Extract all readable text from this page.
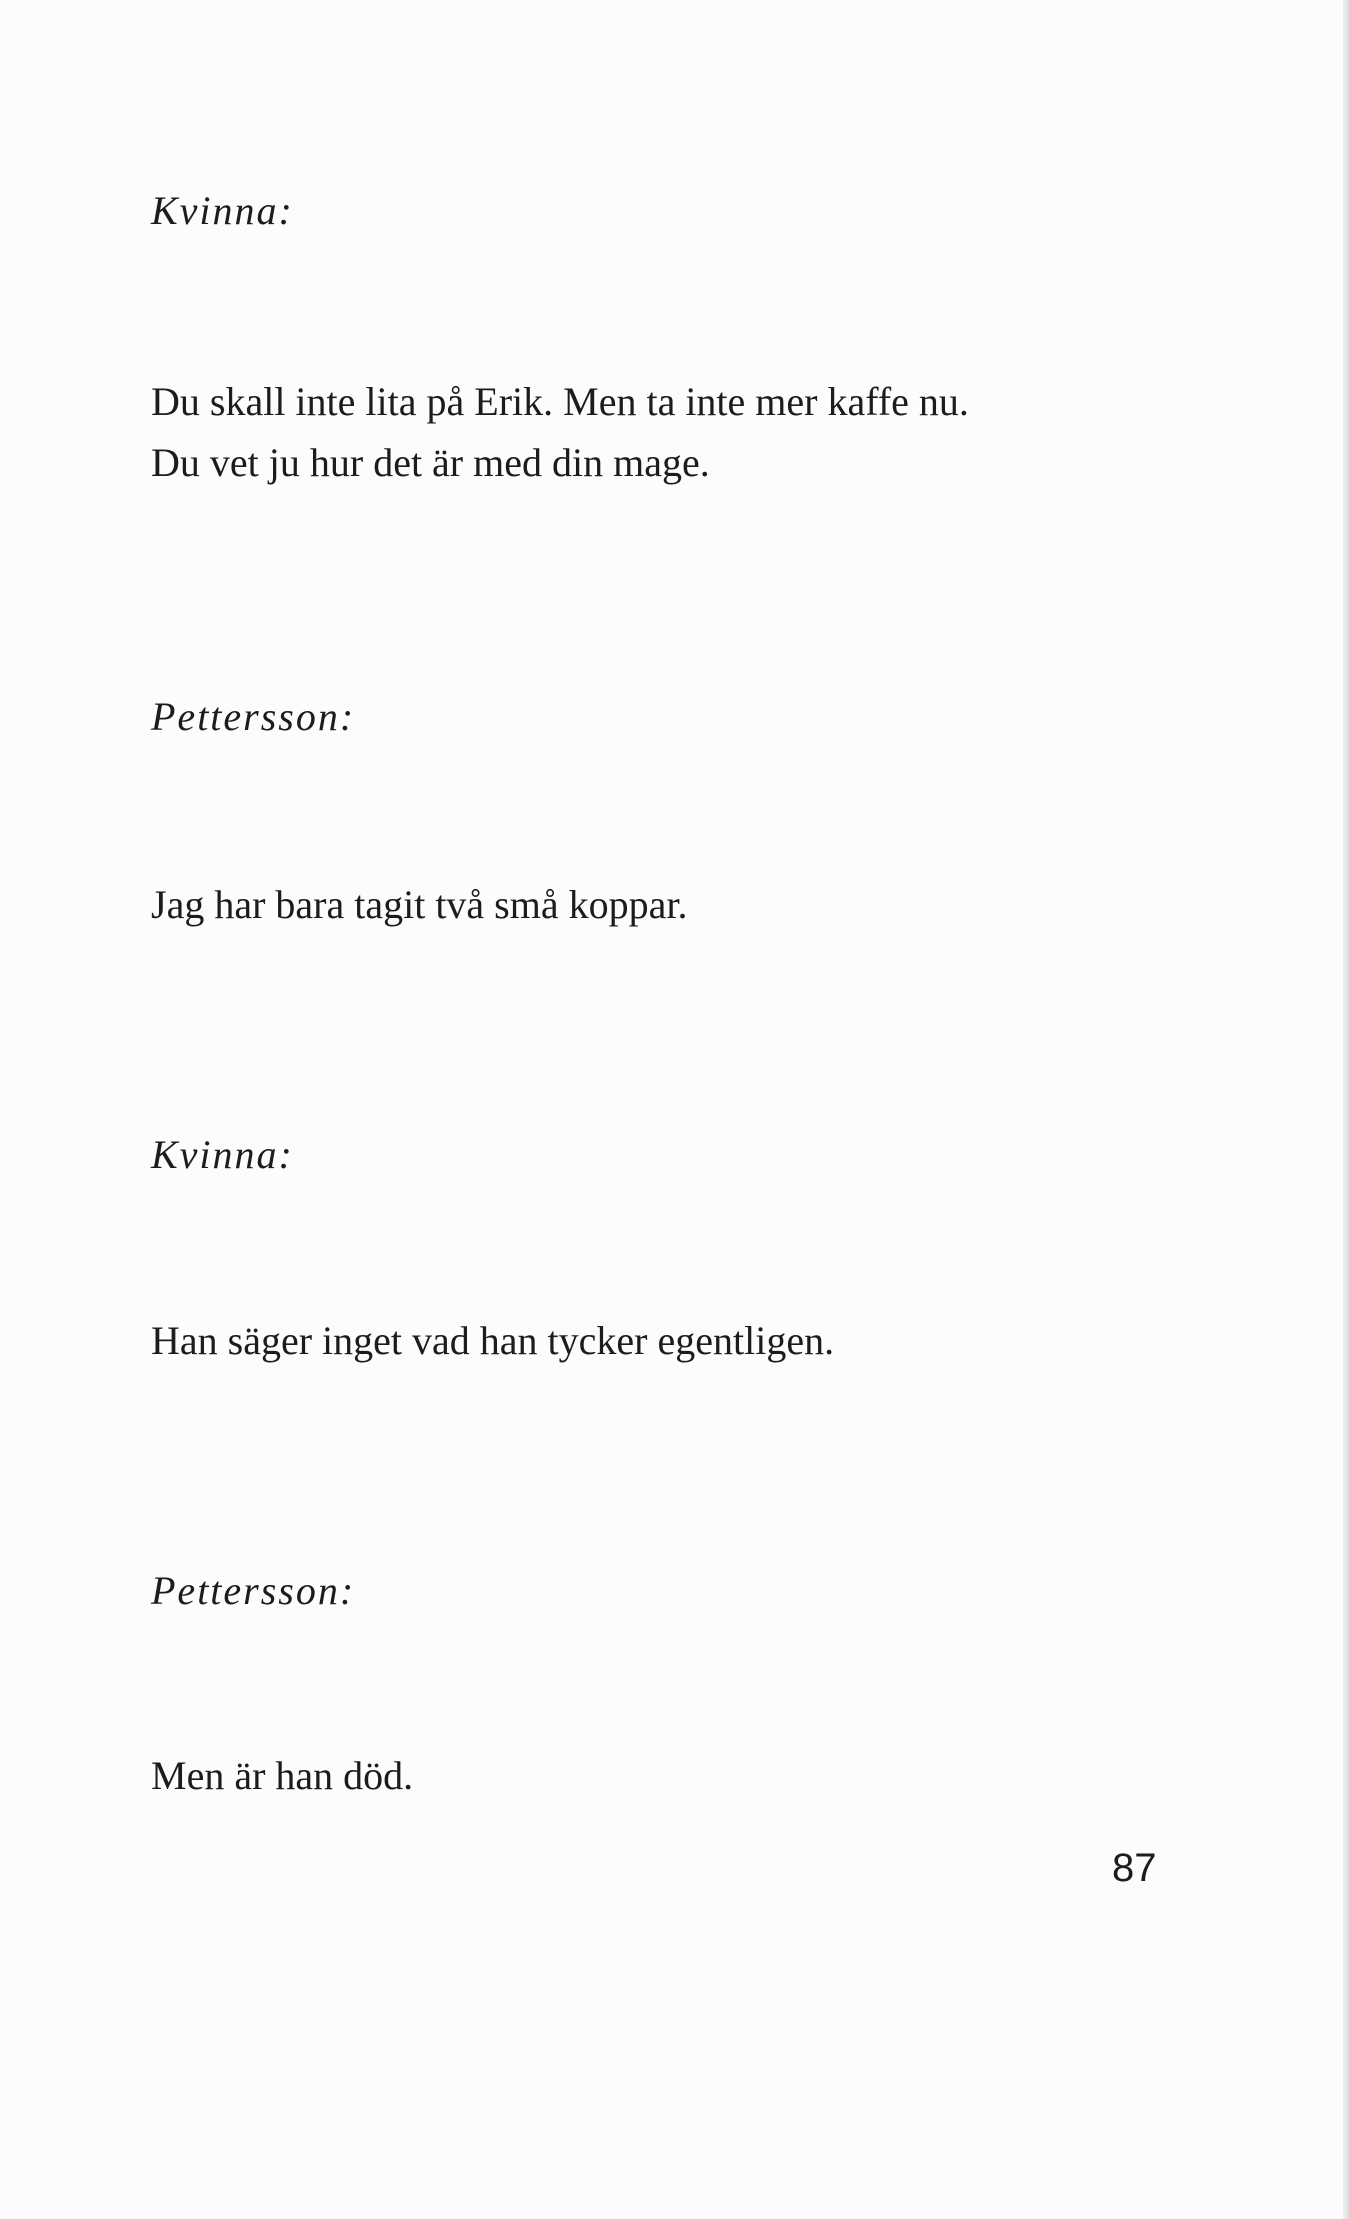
Kvinna:
Du skall inte lita på Erik. Men ta inte mer kaffe nu.
Du vet ju hur det är med din mage.
Pettersson:
Jag har bara tagit två små koppar.
Kvinna:
Han säger inget vad han tycker egentligen.
Pettersson:
Men är han död.
87
